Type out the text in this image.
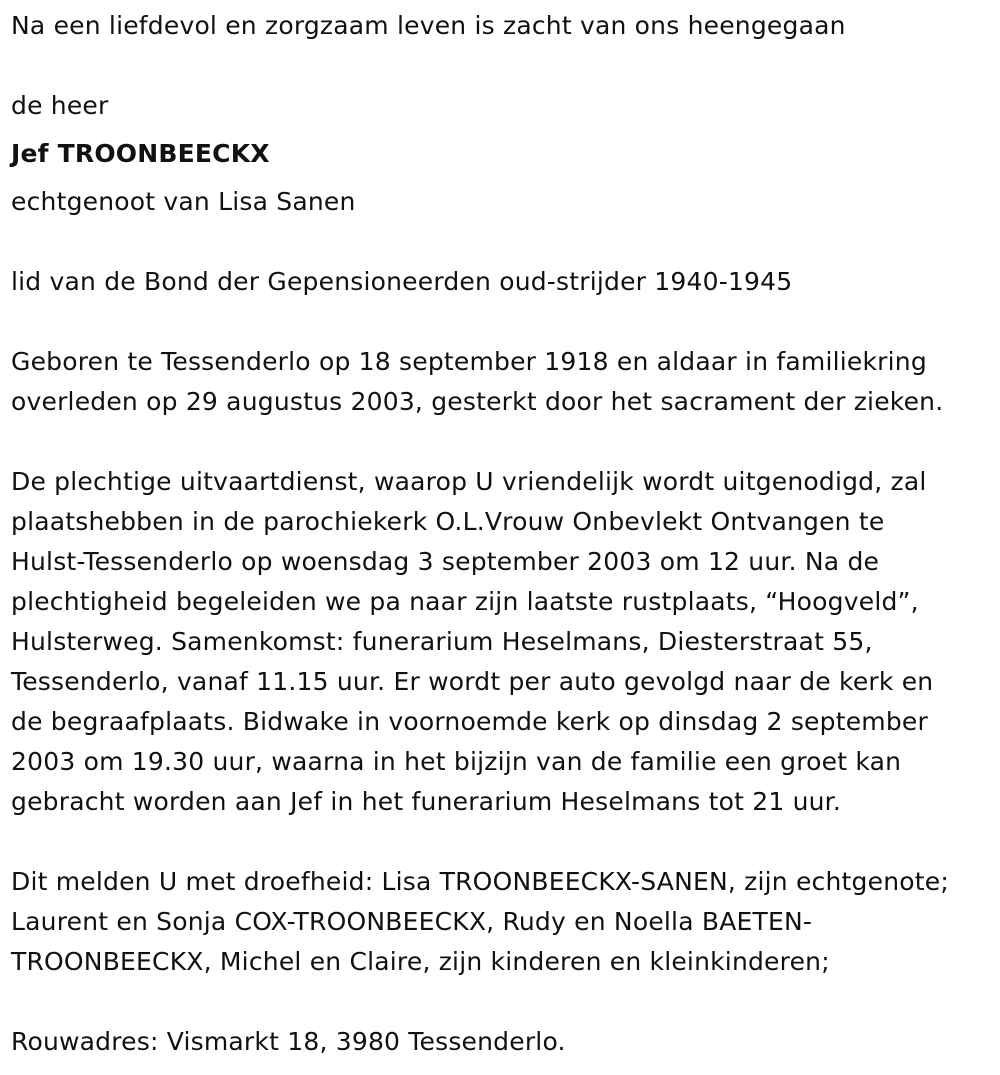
Na een liefdevol en zorgzaam leven is zacht van ons heengegaan

de heer

Jef TROONBEECKX

echtgenoot van Lisa Sanen

lid van de Bond der Gepensioneerden oud-strijder 1940-1945

Geboren te Tessenderlo op 18 september 1918 en aldaar in familiekring

overleden op 29 augustus 2003, gesterkt door het sacrament der zieken.

De plechtige uitvaartdienst, waarop U vriendelijk wordt uitgenodigd, zal

plaatshebben in de parochiekerk O.L.Vrouw Onbevlekt Ontvangen te

Hulst-Tessenderlo op woensdag 3 september 2003 om 12 uur. Na de

plechtigheid begeleiden we pa naar zijn laatste rustplaats, “Hoogveld”,

Hulsterweg. Samenkomst: funerarium Heselmans, Diesterstraat 55,

Tessenderlo, vanaf 11.15 uur. Er wordt per auto gevolgd naar de kerk en

de begraafplaats. Bidwake in voornoemde kerk op dinsdag 2 september

2003 om 19.30 uur, waarna in het bijzijn van de familie een groet kan

gebracht worden aan Jef in het funerarium Heselmans tot 21 uur.

Dit melden U met droefheid: Lisa TROONBEECKX-SANEN, zijn echtgenote;

Laurent en Sonja COX-TROONBEECKX, Rudy en Noella BAETEN-

TROONBEECKX, Michel en Claire, zijn kinderen en kleinkinderen;

Rouwadres: Vismarkt 18, 3980 Tessenderlo.
